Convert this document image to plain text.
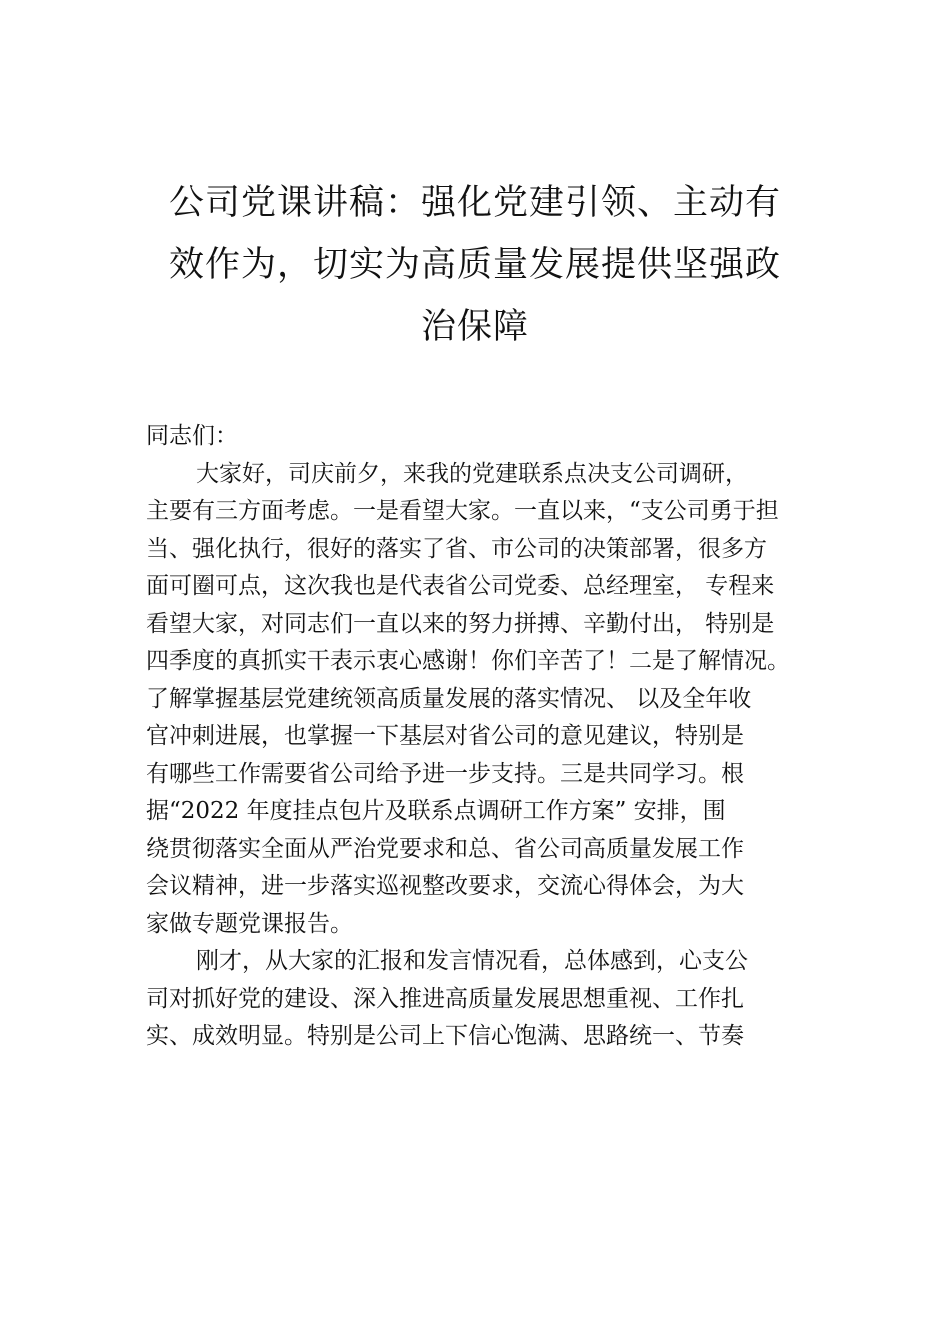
公司党课讲稿：强化党建引领、主动有
效作为，切实为高质量发展提供坚强政
治保障
同志们：
大家好，司庆前夕，来我的党建联系点决支公司调研，
主要有三方面考虑。一是看望大家。一直以来，“支公司勇于担
当、强化执行，很好的落实了省、市公司的决策部署，很多方
面可圈可点，这次我也是代表省公司党委、总经理室， 专程来
看望大家，对同志们一直以来的努力拼搏、辛勤付出， 特别是
四季度的真抓实干表示衷心感谢！你们辛苦了！二是了解情况。
了解掌握基层党建统领高质量发展的落实情况、 以及全年收
官冲刺进展，也掌握一下基层对省公司的意见建议，特别是
有哪些工作需要省公司给予进一步支持。三是共同学习。根
据“2022 年度挂点包片及联系点调研工作方案” 安排，围
绕贯彻落实全面从严治党要求和总、省公司高质量发展工作
会议精神，进一步落实巡视整改要求，交流心得体会，为大
家做专题党课报告。
刚才，从大家的汇报和发言情况看，总体感到，心支公
司对抓好党的建设、深入推进高质量发展思想重视、工作扎
实、成效明显。特别是公司上下信心饱满、思路统一、节奏
